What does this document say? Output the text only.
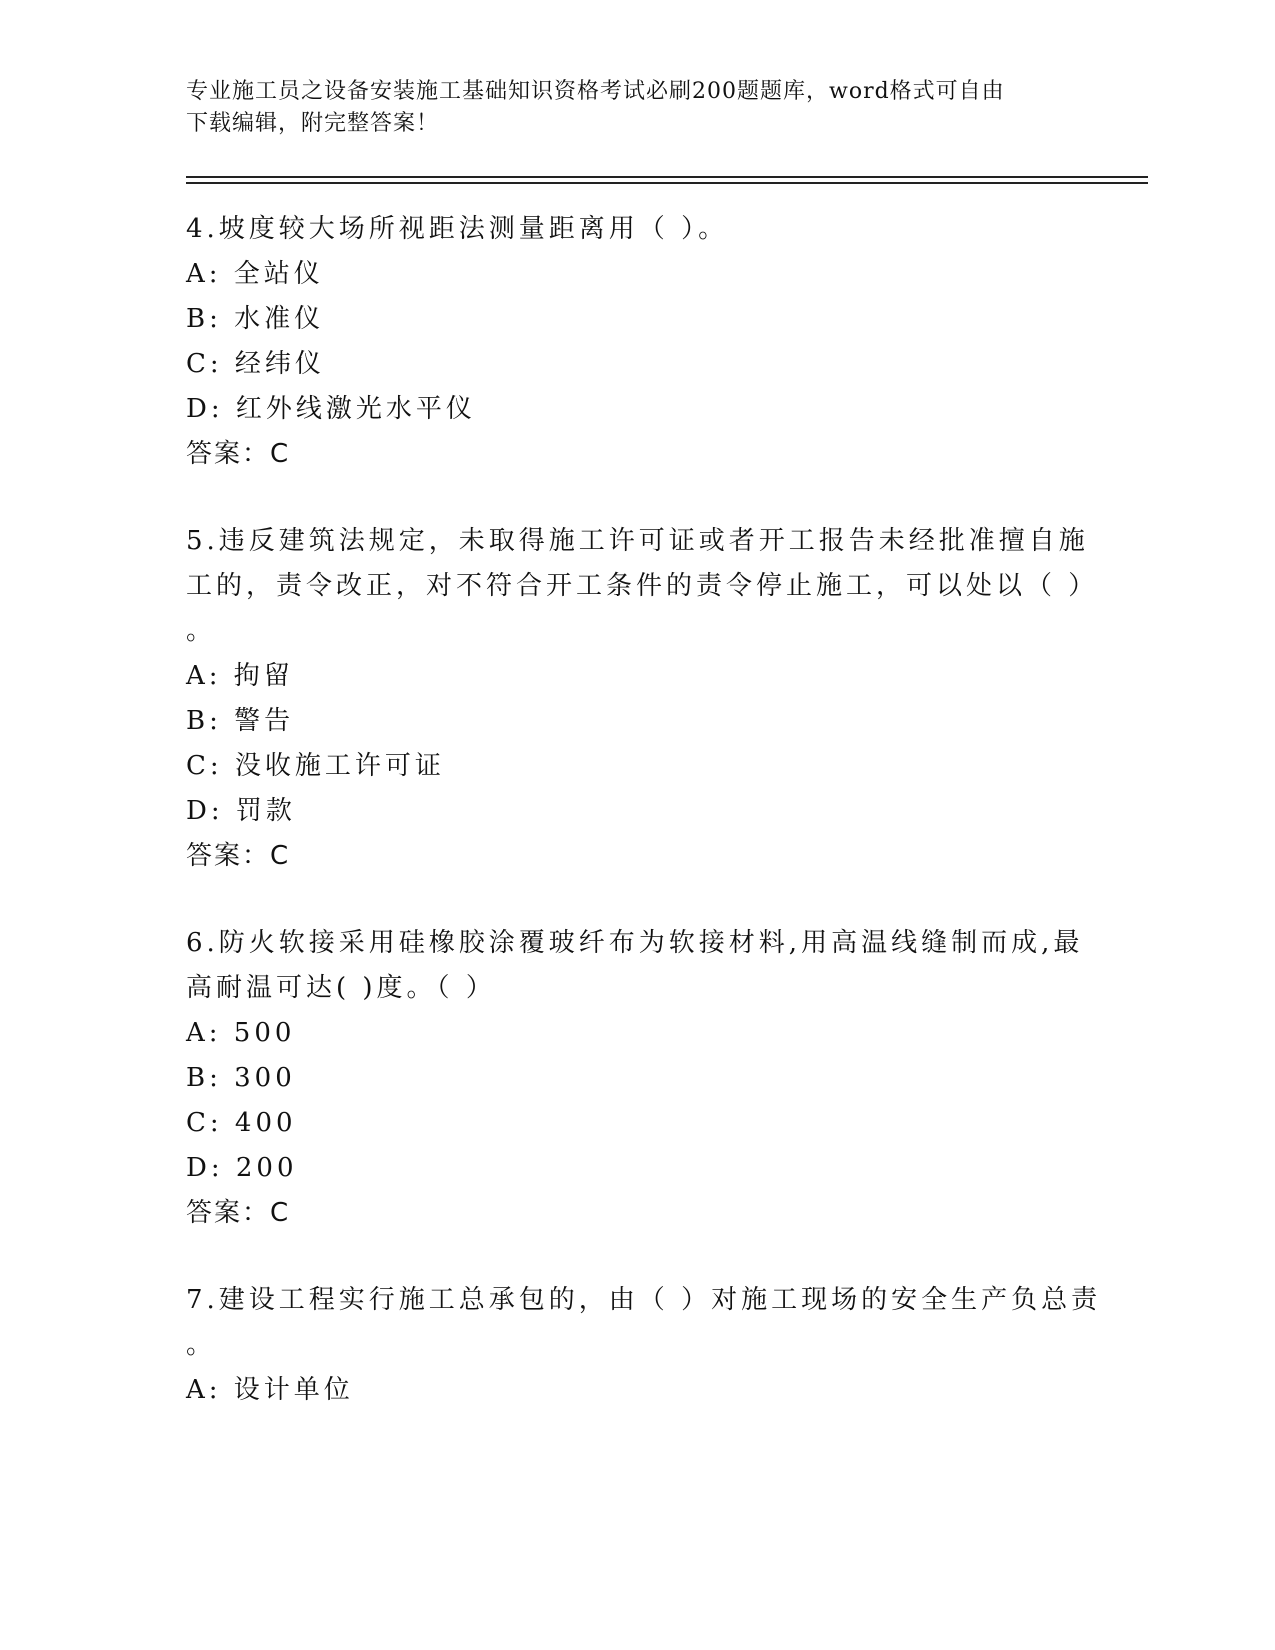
专业施工员之设备安装施工基础知识资格考试必刷200题题库，word格式可自由
下载编辑，附完整答案！
4.坡度较大场所视距法测量距离用（ ）。
A: 全站仪
B: 水准仪
C: 经纬仪
D: 红外线激光水平仪
答案：C
5.违反建筑法规定，未取得施工许可证或者开工报告未经批准擅自施
工的，责令改正，对不符合开工条件的责令停止施工，可以处以（ ）
。
A: 拘留
B: 警告
C: 没收施工许可证
D: 罚款
答案：C
6.防火软接采用硅橡胶涂覆玻纤布为软接材料,用高温线缝制而成,最
高耐温可达( )度。（ ）
A: 500
B: 300
C: 400
D: 200
答案：C
7.建设工程实行施工总承包的，由（ ）对施工现场的安全生产负总责
。
A: 设计单位
